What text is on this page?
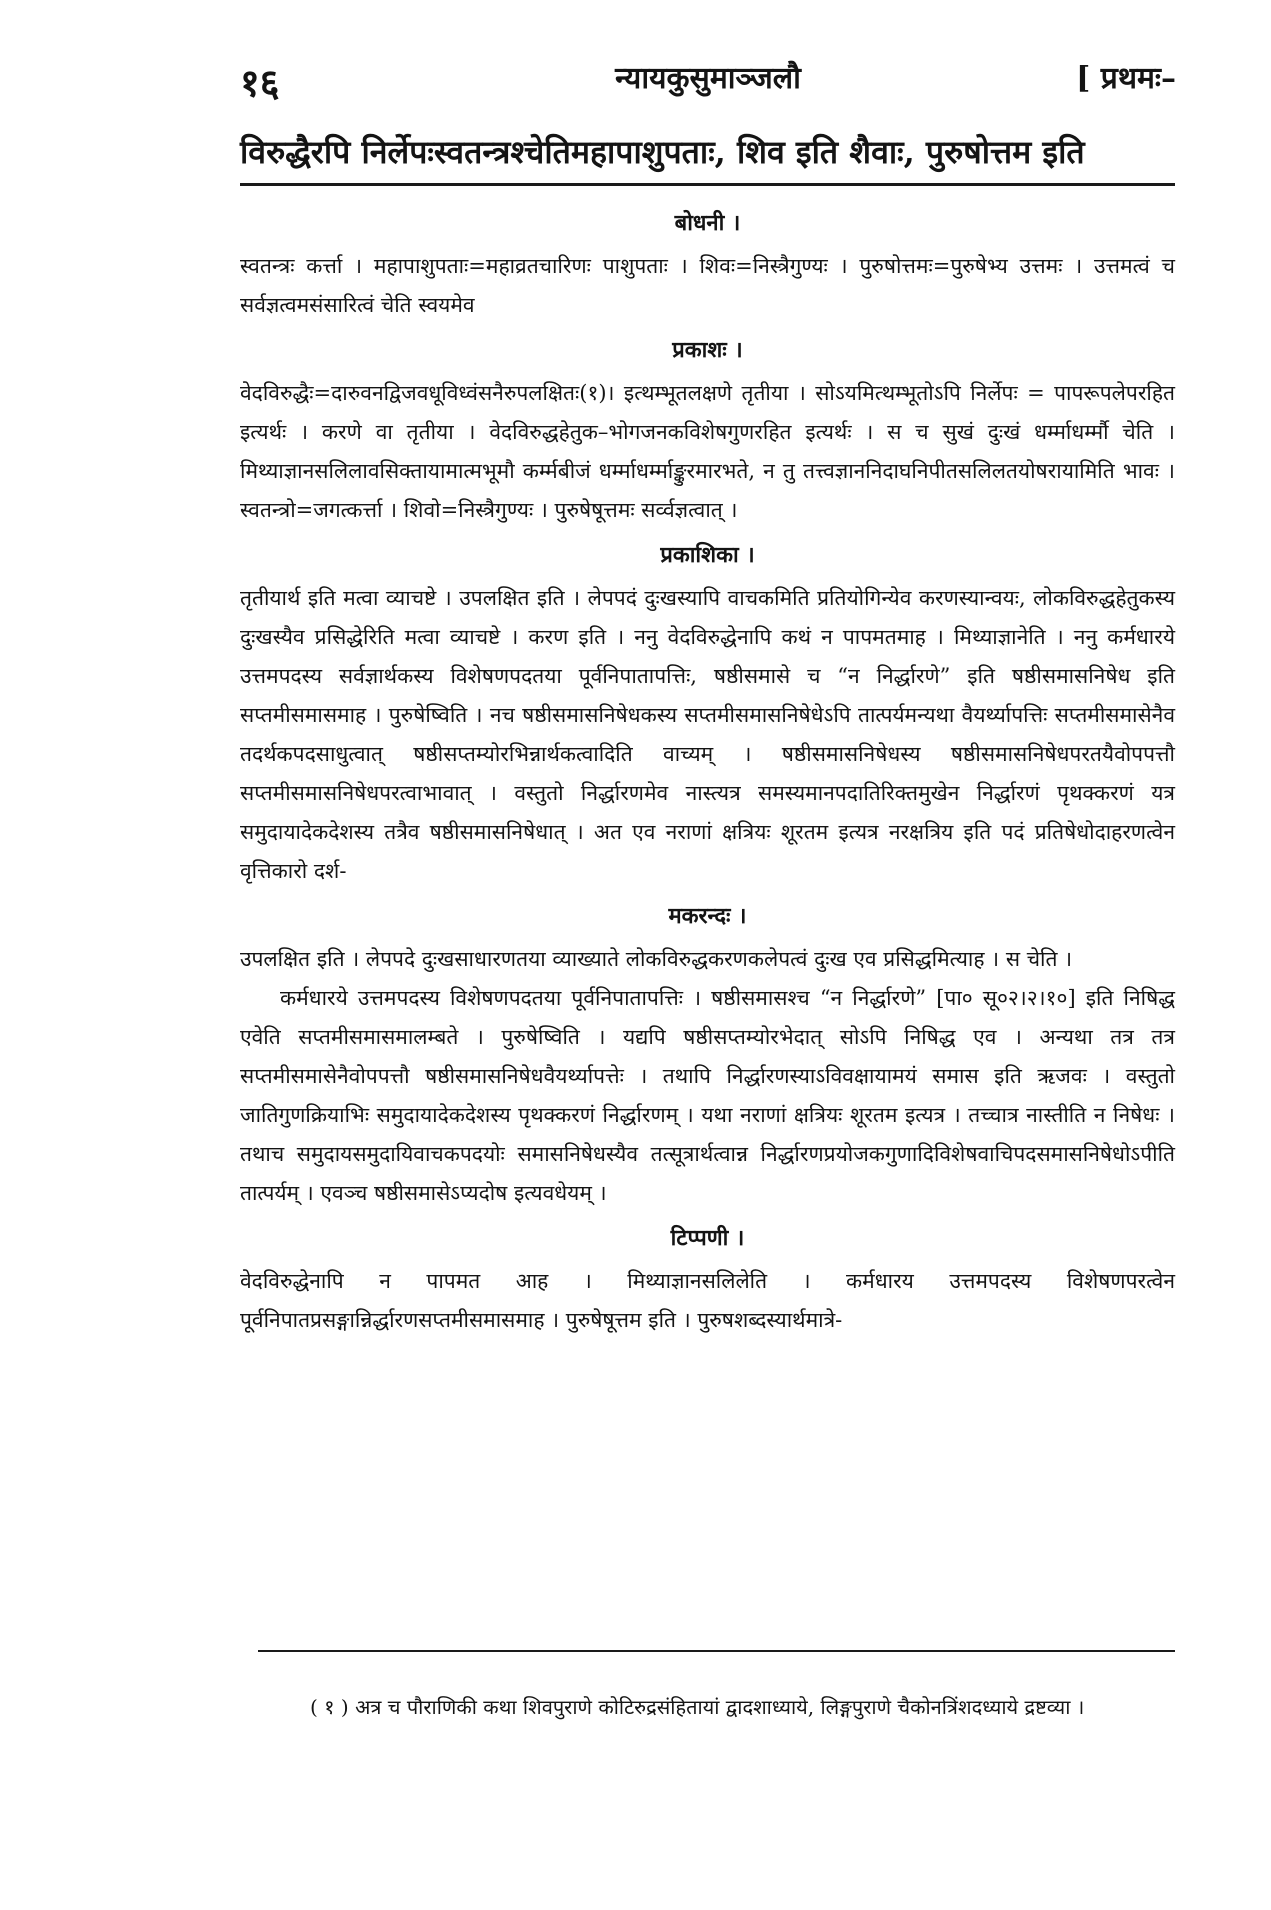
१६	न्यायकुसुमाञ्जलौ	[ प्रथमः–
विरुद्धैरपि निर्लेपःस्वतन्त्रश्चेतिमहापाशुपताः, शिव इति शैवाः, पुरुषोत्तम इति
बोधनी ।

स्वतन्त्रः कर्त्ता । महापाशुपताः=महाव्रतचारिणः पाशुपताः । शिवः=निस्त्रैगुण्यः । पुरुषोत्तमः=पुरुषेभ्य उत्तमः । उत्तमत्वं च सर्वज्ञत्वमसंसारित्वं चेति स्वयमेव

प्रकाशः ।

वेदविरुद्धैः=दारुवनद्विजवधूविध्वंसनैरुपलक्षितः(१)। इत्थम्भूतलक्षणे तृतीया । सोऽयमित्थम्भूतोऽपि निर्लेपः = पापरूपलेपरहित इत्यर्थः । करणे वा तृतीया । वेदविरुद्धहेतुक–भोगजनकविशेषगुणरहित इत्यर्थः । स च सुखं दुःखं धर्म्माधर्म्मौ चेति । मिथ्याज्ञानसलिलावसिक्तायामात्मभूमौ कर्म्मबीजं धर्म्माधर्म्माङ्कुरमारभते, न तु तत्त्वज्ञाननिदाघनिपीतसलिलतयोषरायामिति भावः । स्वतन्त्रो=जगत्कर्त्ता । शिवो=निस्त्रैगुण्यः । पुरुषेषूत्तमः सर्व्वज्ञत्वात् ।

प्रकाशिका ।

तृतीयार्थ इति मत्वा व्याचष्टे । उपलक्षित इति । लेपपदं दुःखस्यापि वाचकमिति प्रतियोगिन्येव करणस्यान्वयः, लोकविरुद्धहेतुकस्य दुःखस्यैव प्रसिद्धेरिति मत्वा व्याचष्टे । करण इति । ननु वेदविरुद्धेनापि कथं न पापमतमाह । मिथ्याज्ञानेति । ननु कर्मधारये उत्तमपदस्य सर्वज्ञार्थकस्य विशेषणपदतया पूर्वनिपातापत्तिः, षष्ठीसमासे च “न निर्द्धारणे” इति षष्ठीसमासनिषेध इति सप्तमीसमासमाह । पुरुषेष्विति । नच षष्ठीसमासनिषेधकस्य सप्तमीसमासनिषेधेऽपि तात्पर्यमन्यथा वैयर्थ्यापत्तिः सप्तमीसमासेनैव तदर्थकपदसाधुत्वात् षष्ठीसप्तम्योरभिन्नार्थकत्वादिति वाच्यम् । षष्ठीसमासनिषेधस्य षष्ठीसमासनिषेधपरतयैवोपपत्तौ सप्तमीसमासनिषेधपरत्वाभावात् । वस्तुतो निर्द्धारणमेव नास्त्यत्र समस्यमानपदातिरिक्तमुखेन निर्द्धारणं पृथक्करणं यत्र समुदायादेकदेशस्य तत्रैव षष्ठीसमासनिषेधात् । अत एव नराणां क्षत्रियः शूरतम इत्यत्र नरक्षत्रिय इति पदं प्रतिषेधोदाहरणत्वेन वृत्तिकारो दर्श-

मकरन्दः ।

उपलक्षित इति । लेपपदे दुःखसाधारणतया व्याख्याते लोकविरुद्धकरणकलेपत्वं दुःख एव प्रसिद्धमित्याह । स चेति ।

कर्मधारये उत्तमपदस्य विशेषणपदतया पूर्वनिपातापत्तिः । षष्ठीसमासश्च “न निर्द्धारणे” [पा० सू०२।२।१०] इति निषिद्ध एवेति सप्तमीसमासमालम्बते । पुरुषेष्विति । यद्यपि षष्ठीसप्तम्योरभेदात् सोऽपि निषिद्ध एव । अन्यथा तत्र तत्र सप्तमीसमासेनैवोपपत्तौ षष्ठीसमासनिषेधवैयर्थ्यापत्तेः । तथापि निर्द्धारणस्याऽविवक्षायामयं समास इति ऋजवः । वस्तुतो जातिगुणक्रियाभिः समुदायादेकदेशस्य पृथक्करणं निर्द्धारणम् । यथा नराणां क्षत्रियः शूरतम इत्यत्र । तच्चात्र नास्तीति न निषेधः । तथाच समुदायसमुदायिवाचकपदयोः समासनिषेधस्यैव तत्सूत्रार्थत्वान्न निर्द्धारणप्रयोजकगुणादिविशेषवाचिपदसमासनिषेधोऽपीति तात्पर्यम् । एवञ्च षष्ठीसमासेऽप्यदोष इत्यवधेयम् ।

टिप्पणी ।

वेदविरुद्धेनापि न पापमत आह । मिथ्याज्ञानसलिलेति । कर्मधारय उत्तमपदस्य विशेषणपरत्वेन पूर्वनिपातप्रसङ्गान्निर्द्धारणसप्तमीसमासमाह । पुरुषेषूत्तम इति । पुरुषशब्दस्यार्थमात्रे-

( १ ) अत्र च पौराणिकी कथा शिवपुराणे कोटिरुद्रसंहितायां द्वादशाध्याये, लिङ्गपुराणे चैकोनत्रिंशदध्याये द्रष्टव्या ।
